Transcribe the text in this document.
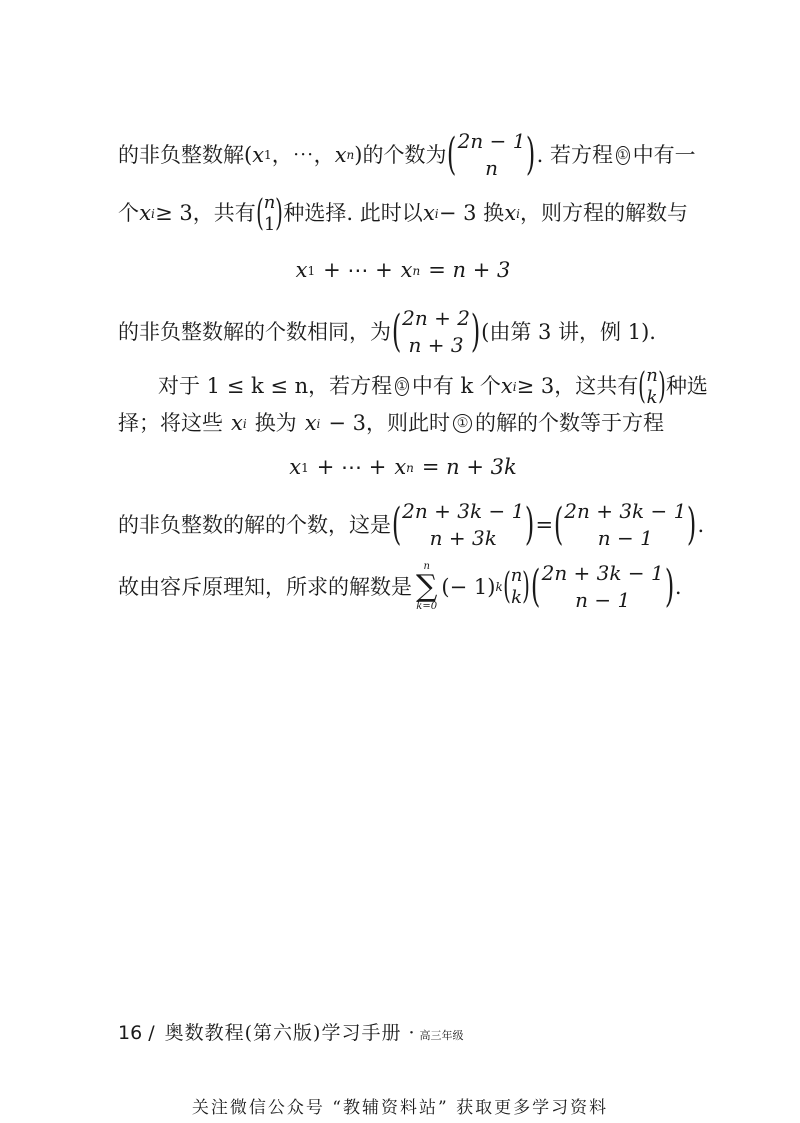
的非负整数解 ( x 1 ，⋯， x n ) 的个数为 ( 2n − 1
n ) . 若方程 ① 中有一
个 x i ≥ 3，共有 ( n
1 ) 种选择. 此时以 x i − 3 换 x i ，则方程的解数与
x 1 + ⋯ + x n = n + 3
的非负整数解的个数相同，为 ( 2n + 2
n + 3 ) (由第 3 讲，例 1).
对于 1 ≤ k ≤ n，若方程 ① 中有 k 个 x i ≥ 3，这共有 ( n
k ) 种选
择；将这些 x i 换为 x i − 3，则此时 ① 的解的个数等于方程
x 1 + ⋯ + x n = n + 3k
的非负整数的解的个数，这是 ( 2n + 3k − 1
n + 3k ) = ( 2n + 3k − 1
n − 1 ) .
故由容斥原理知，所求的解数是
n
∑
k=0
(− 1) k ( n
k ) ( 2n + 3k − 1
n − 1 ) .
16 / 奥数教程(第六版)学习手册 · 高三年级
关注微信公众号 “教辅资料站” 获取更多学习资料
